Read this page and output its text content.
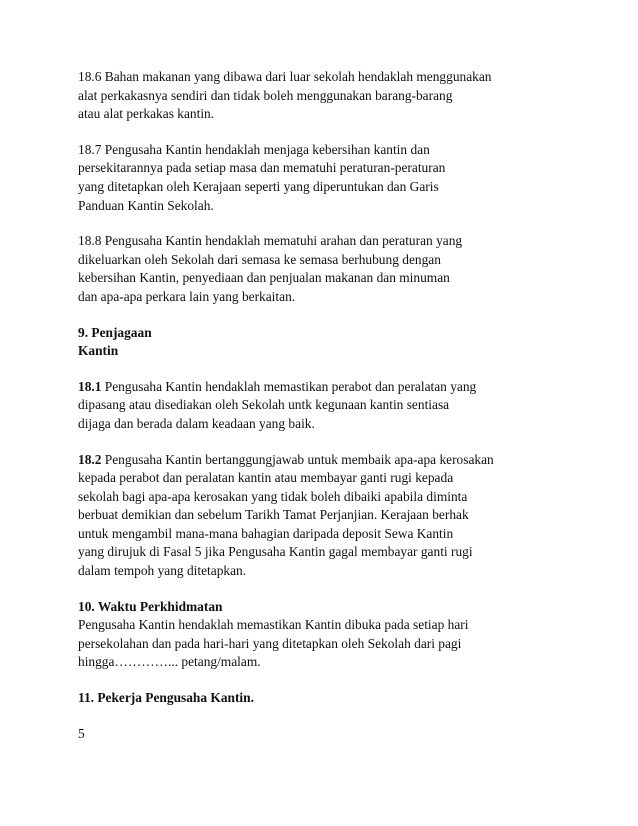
18.6 Bahan makanan yang dibawa dari luar sekolah hendaklah menggunakan
alat perkakasnya sendiri dan tidak boleh menggunakan barang-barang
atau alat perkakas kantin.

18.7 Pengusaha Kantin hendaklah menjaga kebersihan kantin dan
persekitarannya pada setiap masa dan mematuhi peraturan-peraturan
yang ditetapkan oleh Kerajaan seperti yang diperuntukan dan Garis
Panduan Kantin Sekolah.

18.8 Pengusaha Kantin hendaklah mematuhi arahan dan peraturan yang
dikeluarkan oleh Sekolah dari semasa ke semasa berhubung dengan
kebersihan Kantin, penyediaan dan penjualan makanan dan minuman
dan apa-apa perkara lain yang berkaitan.

9. Penjagaan
Kantin

18.1 Pengusaha Kantin hendaklah memastikan perabot dan peralatan yang
dipasang atau disediakan oleh Sekolah untk kegunaan kantin sentiasa
dijaga dan berada dalam keadaan yang baik.

18.2 Pengusaha Kantin bertanggungjawab untuk membaik apa-apa kerosakan
kepada perabot dan peralatan kantin atau membayar ganti rugi kepada
sekolah bagi apa-apa kerosakan yang tidak boleh dibaiki apabila diminta
berbuat demikian dan sebelum Tarikh Tamat Perjanjian. Kerajaan berhak
untuk mengambil mana-mana bahagian daripada deposit Sewa Kantin
yang dirujuk di Fasal 5 jika Pengusaha Kantin gagal membayar ganti rugi
dalam tempoh yang ditetapkan.

10. Waktu Perkhidmatan
Pengusaha Kantin hendaklah memastikan Kantin dibuka pada setiap hari
persekolahan dan pada hari-hari yang ditetapkan oleh Sekolah dari pagi
hingga…………... petang/malam.

11. Pekerja Pengusaha Kantin.

5
